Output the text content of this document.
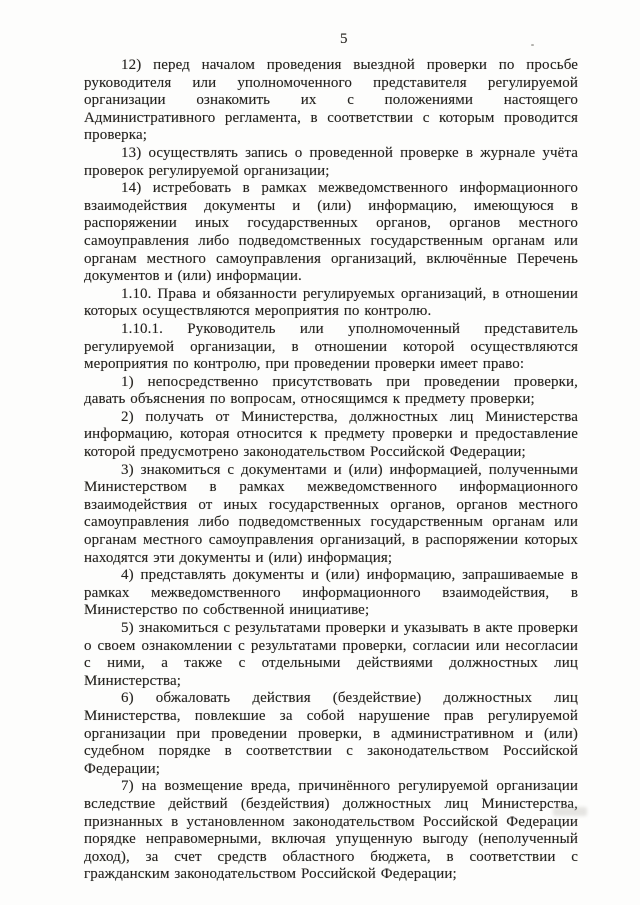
5

12) перед началом проведения выездной проверки по просьбе руководителя или уполномоченного представителя регулируемой организации ознакомить их с положениями настоящего Административного регламента, в соответствии с которым проводится проверка;

13) осуществлять запись о проведенной проверке в журнале учёта проверок регулируемой организации;

14) истребовать в рамках межведомственного информационного взаимодействия документы и (или) информацию, имеющуюся в распоряжении иных государственных органов, органов местного самоуправления либо подведомственных государственным органам или органам местного самоуправления организаций, включённые Перечень документов и (или) информации.

1.10. Права и обязанности регулируемых организаций, в отношении которых осуществляются мероприятия по контролю.

1.10.1. Руководитель или уполномоченный представитель регулируемой организации, в отношении которой осуществляются мероприятия по контролю, при проведении проверки имеет право:

1) непосредственно присутствовать при проведении проверки, давать объяснения по вопросам, относящимся к предмету проверки;

2) получать от Министерства, должностных лиц Министерства информацию, которая относится к предмету проверки и предоставление которой предусмотрено законодательством Российской Федерации;

3) знакомиться с документами и (или) информацией, полученными Министерством в рамках межведомственного информационного взаимодействия от иных государственных органов, органов местного самоуправления либо подведомственных государственным органам или органам местного самоуправления организаций, в распоряжении которых находятся эти документы и (или) информация;

4) представлять документы и (или) информацию, запрашиваемые в рамках межведомственного информационного взаимодействия, в Министерство по собственной инициативе;

5) знакомиться с результатами проверки и указывать в акте проверки о своем ознакомлении с результатами проверки, согласии или несогласии с ними, а также с отдельными действиями должностных лиц Министерства;

6) обжаловать действия (бездействие) должностных лиц Министерства, повлекшие за собой нарушение прав регулируемой организации при проведении проверки, в административном и (или) судебном порядке в соответствии с законодательством Российской Федерации;

7) на возмещение вреда, причинённого регулируемой организации вследствие действий (бездействия) должностных лиц Министерства, признанных в установленном законодательством Российской Федерации порядке неправомерными, включая упущенную выгоду (неполученный доход), за счет средств областного бюджета, в соответствии с гражданским законодательством Российской Федерации;
